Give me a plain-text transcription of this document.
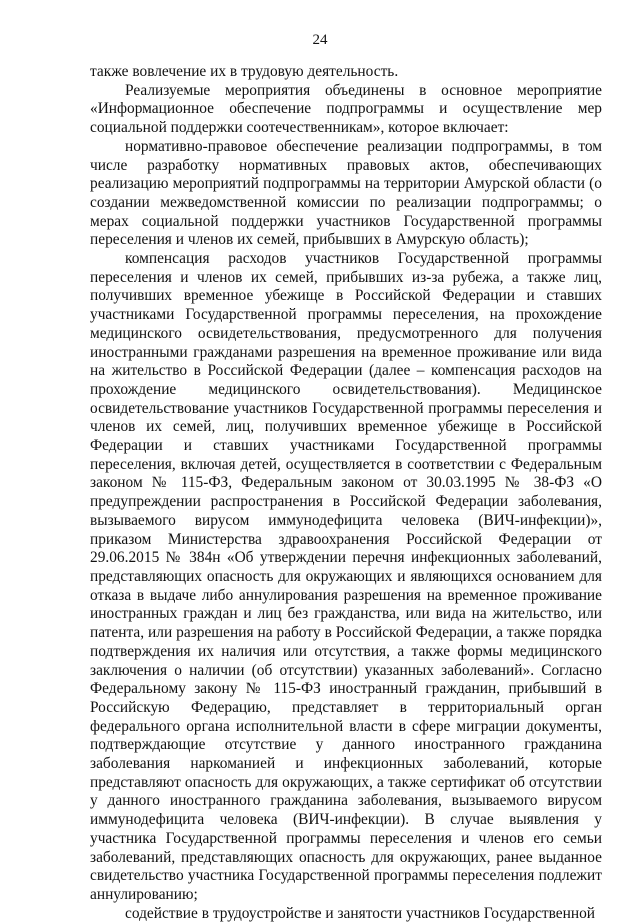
24

также вовлечение их в трудовую деятельность.

Реализуемые мероприятия объединены в основное мероприятие «Информационное обеспечение подпрограммы и осуществление мер социальной поддержки соотечественникам», которое включает:

нормативно-правовое обеспечение реализации подпрограммы, в том числе разработку нормативных правовых актов, обеспечивающих реализацию мероприятий подпрограммы на территории Амурской области (о создании межведомственной комиссии по реализации подпрограммы; о мерах социальной поддержки участников Государственной программы переселения и членов их семей, прибывших в Амурскую область);

компенсация расходов участников Государственной программы переселения и членов их семей, прибывших из-за рубежа, а также лиц, получивших временное убежище в Российской Федерации и ставших участниками Государственной программы переселения, на прохождение медицинского освидетельствования, предусмотренного для получения иностранными гражданами разрешения на временное проживание или вида на жительство в Российской Федерации (далее – компенсация расходов на прохождение медицинского освидетельствования). Медицинское освидетельствование участников Государственной программы переселения и членов их семей, лиц, получивших временное убежище в Российской Федерации и ставших участниками Государственной программы переселения, включая детей, осуществляется в соответствии с Федеральным законом № 115-ФЗ, Федеральным законом от 30.03.1995 № 38-ФЗ «О предупреждении распространения в Российской Федерации заболевания, вызываемого вирусом иммунодефицита человека (ВИЧ-инфекции)», приказом Министерства здравоохранения Российской Федерации от 29.06.2015 № 384н «Об утверждении перечня инфекционных заболеваний, представляющих опасность для окружающих и являющихся основанием для отказа в выдаче либо аннулирования разрешения на временное проживание иностранных граждан и лиц без гражданства, или вида на жительство, или патента, или разрешения на работу в Российской Федерации, а также порядка подтверждения их наличия или отсутствия, а также формы медицинского заключения о наличии (об отсутствии) указанных заболеваний». Согласно Федеральному закону № 115-ФЗ иностранный гражданин, прибывший в Российскую Федерацию, представляет в территориальный орган федерального органа исполнительной власти в сфере миграции документы, подтверждающие отсутствие у данного иностранного гражданина заболевания наркоманией и инфекционных заболеваний, которые представляют опасность для окружающих, а также сертификат об отсутствии у данного иностранного гражданина заболевания, вызываемого вирусом иммунодефицита человека (ВИЧ-инфекции). В случае выявления у участника Государственной программы переселения и членов его семьи заболеваний, представляющих опасность для окружающих, ранее выданное свидетельство участника Государственной программы переселения подлежит аннулированию;

содействие в трудоустройстве и занятости участников Государственной
